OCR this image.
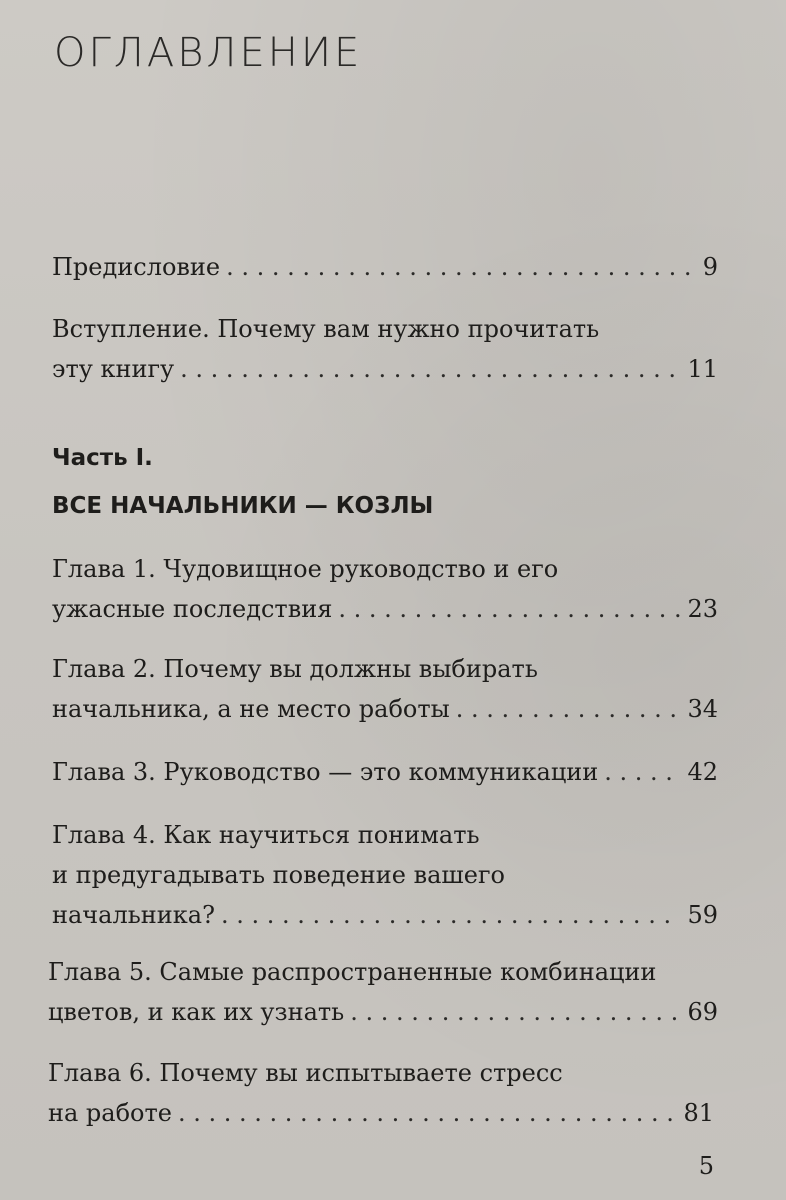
ОГЛАВЛЕНИЕ
Предисловие . . .	9
Вступление. Почему вам нужно прочитать
эту книгу . . .	11
Часть I.
ВСЕ НАЧАЛЬНИКИ — КОЗЛЫ
Глава 1. Чудовищное руководство и его
ужасные последствия . . .	23
Глава 2. Почему вы должны выбирать
начальника, а не место работы . . .	34
Глава 3. Руководство — это коммуникации . . .	42
Глава 4. Как научиться понимать
и предугадывать поведение вашего
начальника? . . .	59
Глава 5. Самые распространенные комбинации
цветов, и как их узнать . . .	69
Глава 6. Почему вы испытываете стресс
на работе . . .	81
5
